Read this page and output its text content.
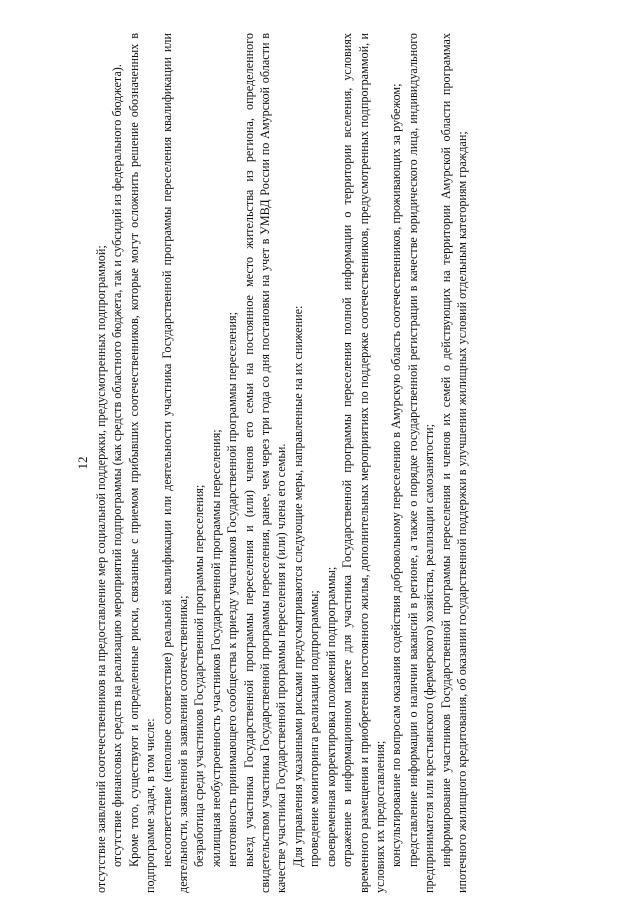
12 отсутствие заявлений соотечественников на предоставление мер социальной поддержки, предусмотренных подпрограммой; отсутствие финансовых средств на реализацию мероприятий подпрограммы (как средств областного бюджета, так и субсидий из федерального бюджета). Кроме того, существуют и определенные риски, связанные с приемом прибывших соотечественников, которые могут осложнить решение обозначенных в подпрограмме задач, в том числе: несоответствие (неполное соответствие) реальной квалификации или деятельности участника Государственной программы переселения квалификации или деятельности, заявленной в заявлении соотечественника; безработица среди участников Государственной программы переселения; жилищная необустроенность участников Государственной программы переселения; неготовность принимающего сообщества к приезду участников Государственной программы переселения; выезд участника Государственной программы переселения и (или) членов его семьи на постоянное место жительства из региона, определенного свидетельством участника Государственной программы переселения, ранее, чем через три года со дня постановки на учет в УМВД России по Амурской области в качестве участника Государственной программы переселения и (или) члена его семьи. Для управления указанными рисками предусматриваются следующие меры, направленные на их снижение: проведение мониторинга реализации подпрограммы; своевременная корректировка положений подпрограммы; отражение в информационном пакете для участника Государственной программы переселения полной информации о территории вселения, условиях временного размещения и приобретения постоянного жилья, дополнительных мероприятиях по поддержке соотечественников, предусмотренных подпрограммой, и условиях их предоставления; консультирование по вопросам оказания содействия добровольному переселению в Амурскую область соотечественников, проживающих за рубежом; представление информации о наличии вакансий в регионе, а также о порядке государственной регистрации в качестве юридического лица, индивидуального предпринимателя или крестьянского (фермерского) хозяйства, реализации самозанятости; информирование участников Государственной программы переселения и членов их семей о действующих на территории Амурской области программах ипотечного жилищного кредитования, об оказании государственной поддержки в улучшении жилищных условий отдельным категориям граждан;
